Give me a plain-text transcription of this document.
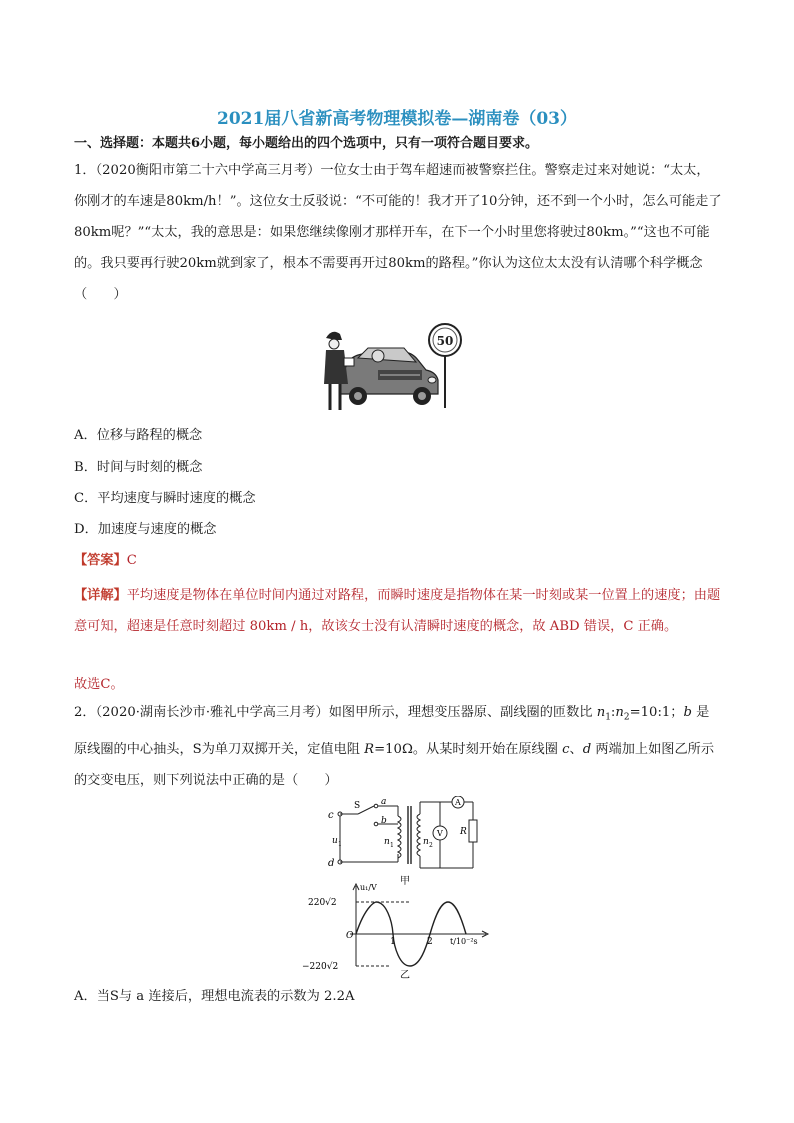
2021届八省新高考物理模拟卷—湖南卷（03）
一、选择题：本题共6小题，每小题给出的四个选项中，只有一项符合题目要求。
1．（2020衡阳市第二十六中学高三月考）一位女士由于驾车超速而被警察拦住。警察走过来对她说：“太太，你刚才的车速是80km/h！”。这位女士反驳说：“不可能的！我才开了10分钟，还不到一个小时，怎么可能走了80km呢？”“太太，我的意思是：如果您继续像刚才那样开车，在下一个小时里您将驶过80km。”“这也不可能的。我只要再行驶20km就到家了，根本不需要再开过80km的路程。”你认为这位太太没有认清哪个科学概念（　　）
50
A．位移与路程的概念
B．时间与时刻的概念
C．平均速度与瞬时速度的概念
D．加速度与速度的概念
【答案】C
【详解】平均速度是物体在单位时间内通过对路程，而瞬时速度是指物体在某一时刻或某一位置上的速度；由题意可知，超速是任意时刻超过 80km / h，故该女士没有认清瞬时速度的概念，故 ABD 错误，C 正确。
故选C。
2．（2020·湖南长沙市·雅礼中学高三月考）如图甲所示，理想变压器原、副线圈的匝数比 $n_1:n_2=10:1$；b 是原线圈的中心抽头，S为单刀双掷开关，定值电阻 R=10Ω。从某时刻开始在原线圈 c、d 两端加上如图乙所示的交变电压，则下列说法中正确的是（　　）
c
d
S a
b
u 1	n 1	n 2
A
V R
甲
u₁/V
220√2
−220√2
O
1	2 t/10⁻²s
乙
A．当S与 a 连接后，理想电流表的示数为 2.2A
